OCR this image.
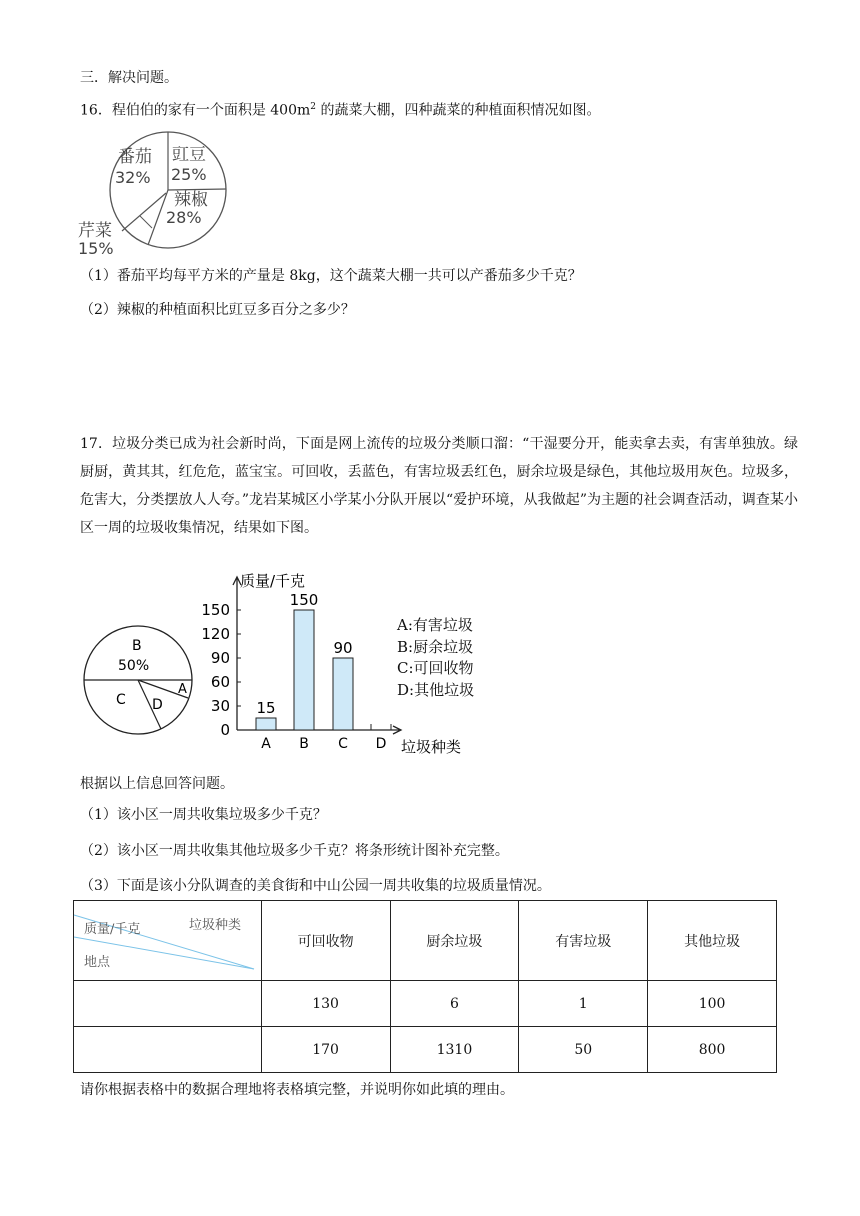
三．解决问题。
16．程伯伯的家有一个面积是 $400m^2$ 的蔬菜大棚，四种蔬菜的种植面积情况如图。
番茄
32%
豇豆
25%
辣椒
28%
芹菜
15%
（1）番茄平均每平方米的产量是 8kg，这个蔬菜大棚一共可以产番茄多少千克？
（2）辣椒的种植面积比豇豆多百分之多少？
17．垃圾分类已成为社会新时尚，下面是网上流传的垃圾分类顺口溜：“干湿要分开，能卖拿去卖，有害单独放。绿厨厨，黄其其，红危危，蓝宝宝。可回收，丢蓝色，有害垃圾丢红色，厨余垃圾是绿色，其他垃圾用灰色。垃圾多，危害大，分类摆放人人夸。”龙岩某城区小学某小分队开展以“爱护环境，从我做起”为主题的社会调查活动，调查某小区一周的垃圾收集情况，结果如下图。
B
50%
C D
A
0
30
60
90
120
150
A B C D
15
150
90
质量/千克
垃圾种类
A:有害垃圾
B:厨余垃圾
C:可回收物
D:其他垃圾
根据以上信息回答问题。
（1）该小区一周共收集垃圾多少千克？
（2）该小区一周共收集其他垃圾多少千克？将条形统计图补充完整。
（3）下面是该小分队调查的美食街和中山公园一周共收集的垃圾质量情况。
质量/千克 垃圾种类
地点	可回收物	厨余垃圾	有害垃圾	其他垃圾
	130	6	1	100
	170	1310	50	800
请你根据表格中的数据合理地将表格填完整，并说明你如此填的理由。
